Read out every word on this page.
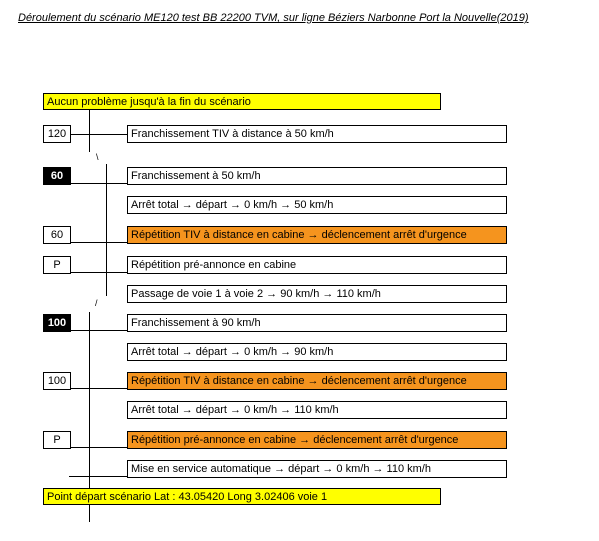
Déroulement du scénario ME120 test BB 22200 TVM, sur ligne Béziers Narbonne Port la Nouvelle(2019)
\
/
Aucun problème jusqu'à la fin du scénario
Point départ scénario Lat : 43.05420 Long 3.02406 voie 1
120
60
60
P
100
100
P
Franchissement TIV à distance à 50 km/h
Franchissement à 50 km/h
Arrêt total → départ → 0 km/h → 50 km/h
Répétition TIV à distance en cabine → déclencement arrêt d'urgence
Répétition pré-annonce en cabine
Passage de voie 1 à voie 2 → 90 km/h → 110 km/h
Franchissement à 90 km/h
Arrêt total → départ → 0 km/h → 90 km/h
Répétition TIV à distance en cabine → déclencement arrêt d'urgence
Arrêt total → départ → 0 km/h → 110 km/h
Répétition pré-annonce en cabine → déclencement arrêt d'urgence
Mise en service automatique → départ → 0 km/h → 110 km/h
